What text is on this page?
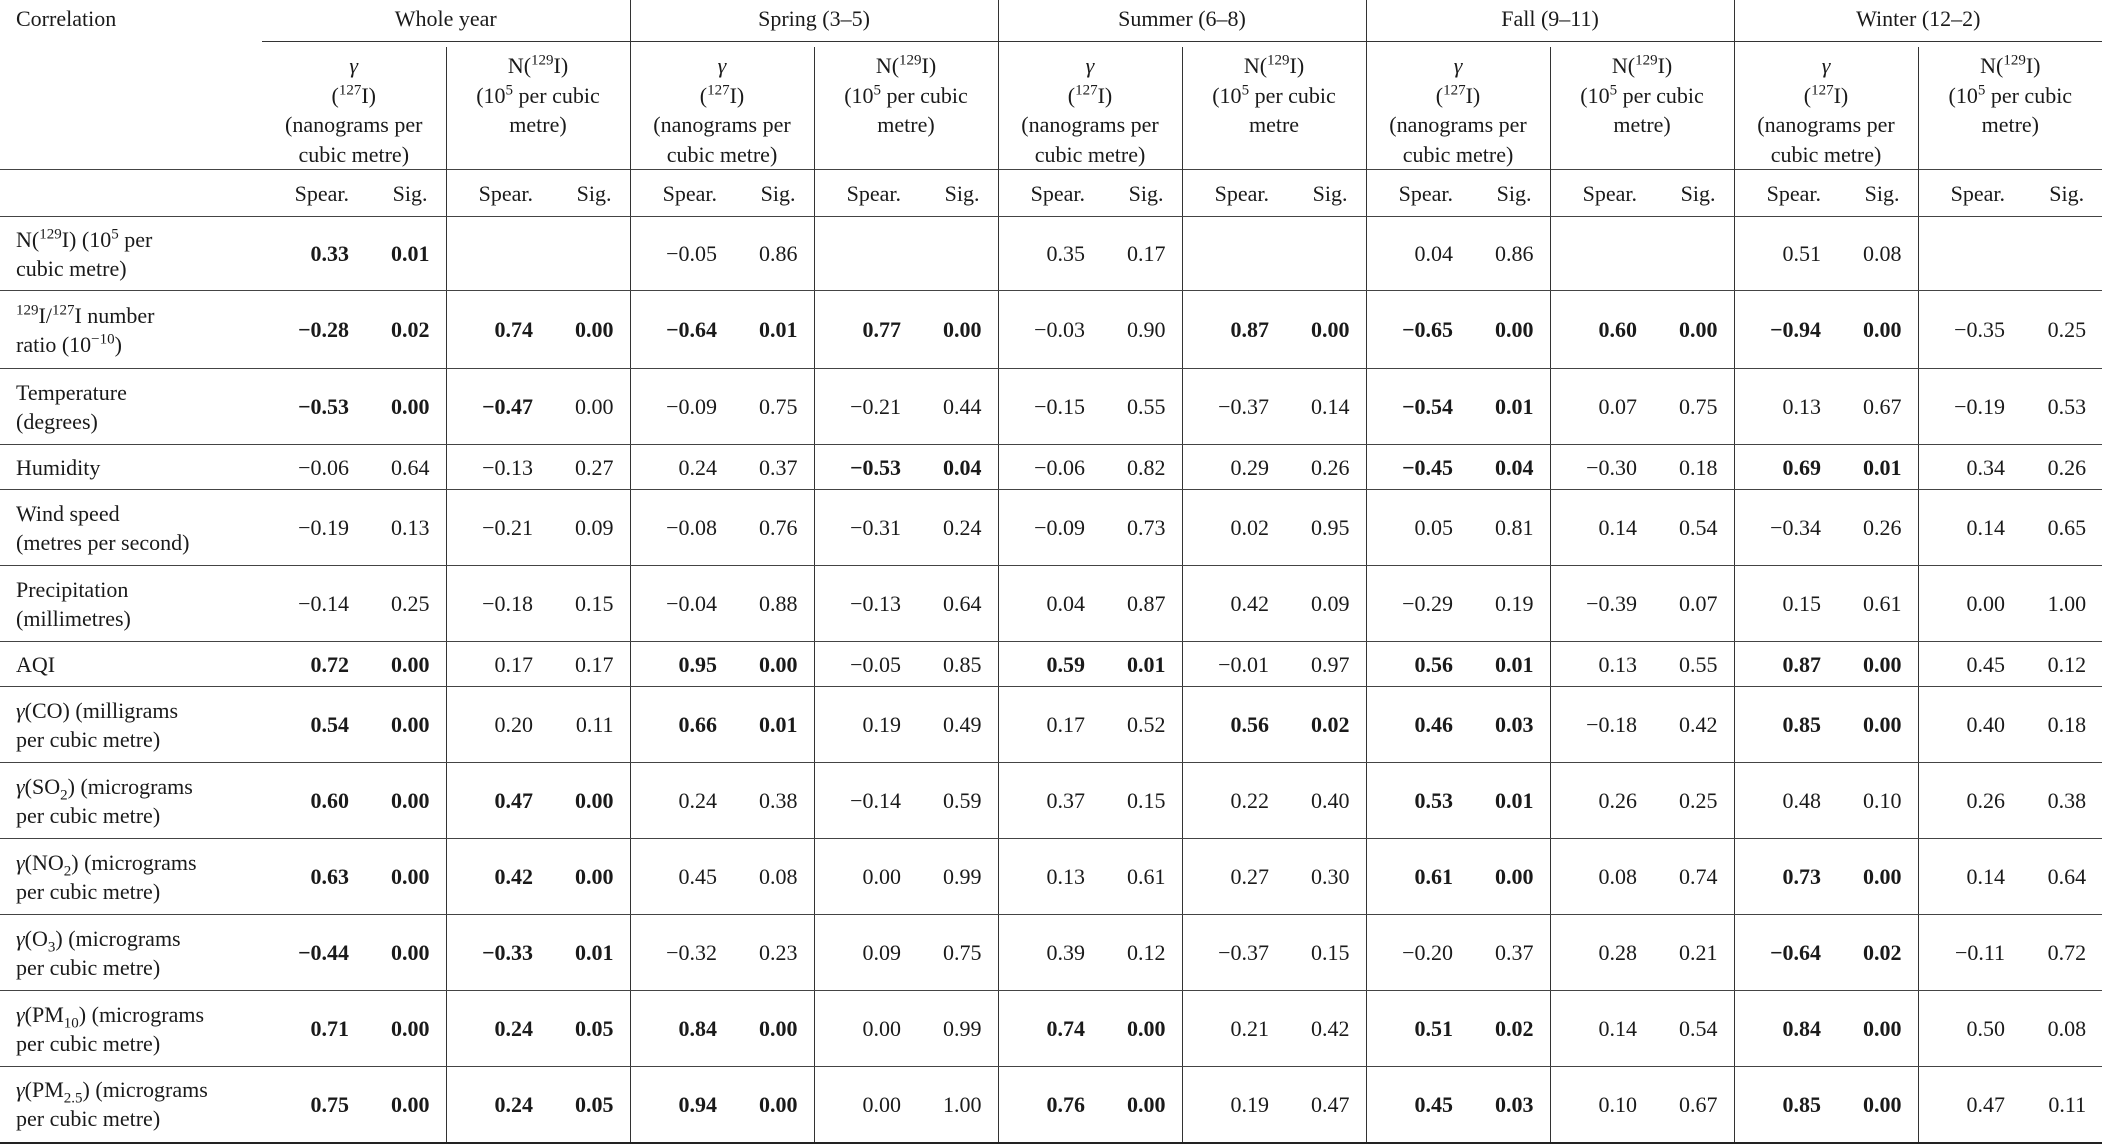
Correlation	Whole year				Spring (3–5)				Summer (6–8)				Fall (9–11)				Winter (12–2)			

	γ
($^{127}$I)
(nanograms per
cubic metre)		N($^{129}$I)
($10^5$ per cubic
metre)		γ
($^{127}$I)
(nanograms per
cubic metre)		N($^{129}$I)
($10^5$ per cubic
metre)		γ
($^{127}$I)
(nanograms per
cubic metre)		N($^{129}$I)
($10^5$ per cubic
metre		γ
($^{127}$I)
(nanograms per
cubic metre)		N($^{129}$I)
($10^5$ per cubic
metre)		γ
($^{127}$I)
(nanograms per
cubic metre)		N($^{129}$I)
($10^5$ per cubic
metre)	

	Spear.	Sig.	Spear.	Sig.	Spear.	Sig.	Spear.	Sig.	Spear.	Sig.	Spear.	Sig.	Spear.	Sig.	Spear.	Sig.	Spear.	Sig.	Spear.	Sig.
N($^{129}$I) ($10^5$ per
cubic metre)	0.33	0.01			−0.05	0.86			0.35	0.17			0.04	0.86			0.51	0.08		
$^{129}$I/$^{127}$I number
ratio $(10^{-10})$	−0.28	0.02	0.74	0.00	−0.64	0.01	0.77	0.00	−0.03	0.90	0.87	0.00	−0.65	0.00	0.60	0.00	−0.94	0.00	−0.35	0.25
Temperature
(degrees)	−0.53	0.00	−0.47	0.00	−0.09	0.75	−0.21	0.44	−0.15	0.55	−0.37	0.14	−0.54	0.01	0.07	0.75	0.13	0.67	−0.19	0.53
Humidity	−0.06	0.64	−0.13	0.27	0.24	0.37	−0.53	0.04	−0.06	0.82	0.29	0.26	−0.45	0.04	−0.30	0.18	0.69	0.01	0.34	0.26
Wind speed
(metres per second)	−0.19	0.13	−0.21	0.09	−0.08	0.76	−0.31	0.24	−0.09	0.73	0.02	0.95	0.05	0.81	0.14	0.54	−0.34	0.26	0.14	0.65
Precipitation
(millimetres)	−0.14	0.25	−0.18	0.15	−0.04	0.88	−0.13	0.64	0.04	0.87	0.42	0.09	−0.29	0.19	−0.39	0.07	0.15	0.61	0.00	1.00
AQI	0.72	0.00	0.17	0.17	0.95	0.00	−0.05	0.85	0.59	0.01	−0.01	0.97	0.56	0.01	0.13	0.55	0.87	0.00	0.45	0.12
γ(CO) (milligrams
per cubic metre)	0.54	0.00	0.20	0.11	0.66	0.01	0.19	0.49	0.17	0.52	0.56	0.02	0.46	0.03	−0.18	0.42	0.85	0.00	0.40	0.18
$\gamma(SO_2)$ (micrograms
per cubic metre)	0.60	0.00	0.47	0.00	0.24	0.38	−0.14	0.59	0.37	0.15	0.22	0.40	0.53	0.01	0.26	0.25	0.48	0.10	0.26	0.38
$\gamma(NO_2)$ (micrograms
per cubic metre)	0.63	0.00	0.42	0.00	0.45	0.08	0.00	0.99	0.13	0.61	0.27	0.30	0.61	0.00	0.08	0.74	0.73	0.00	0.14	0.64
$\gamma(O_3)$ (micrograms
per cubic metre)	−0.44	0.00	−0.33	0.01	−0.32	0.23	0.09	0.75	0.39	0.12	−0.37	0.15	−0.20	0.37	0.28	0.21	−0.64	0.02	−0.11	0.72
$\gamma(PM_{10})$ (micrograms
per cubic metre)	0.71	0.00	0.24	0.05	0.84	0.00	0.00	0.99	0.74	0.00	0.21	0.42	0.51	0.02	0.14	0.54	0.84	0.00	0.50	0.08
$\gamma(PM_{2.5})$ (micrograms
per cubic metre)	0.75	0.00	0.24	0.05	0.94	0.00	0.00	1.00	0.76	0.00	0.19	0.47	0.45	0.03	0.10	0.67	0.85	0.00	0.47	0.11
